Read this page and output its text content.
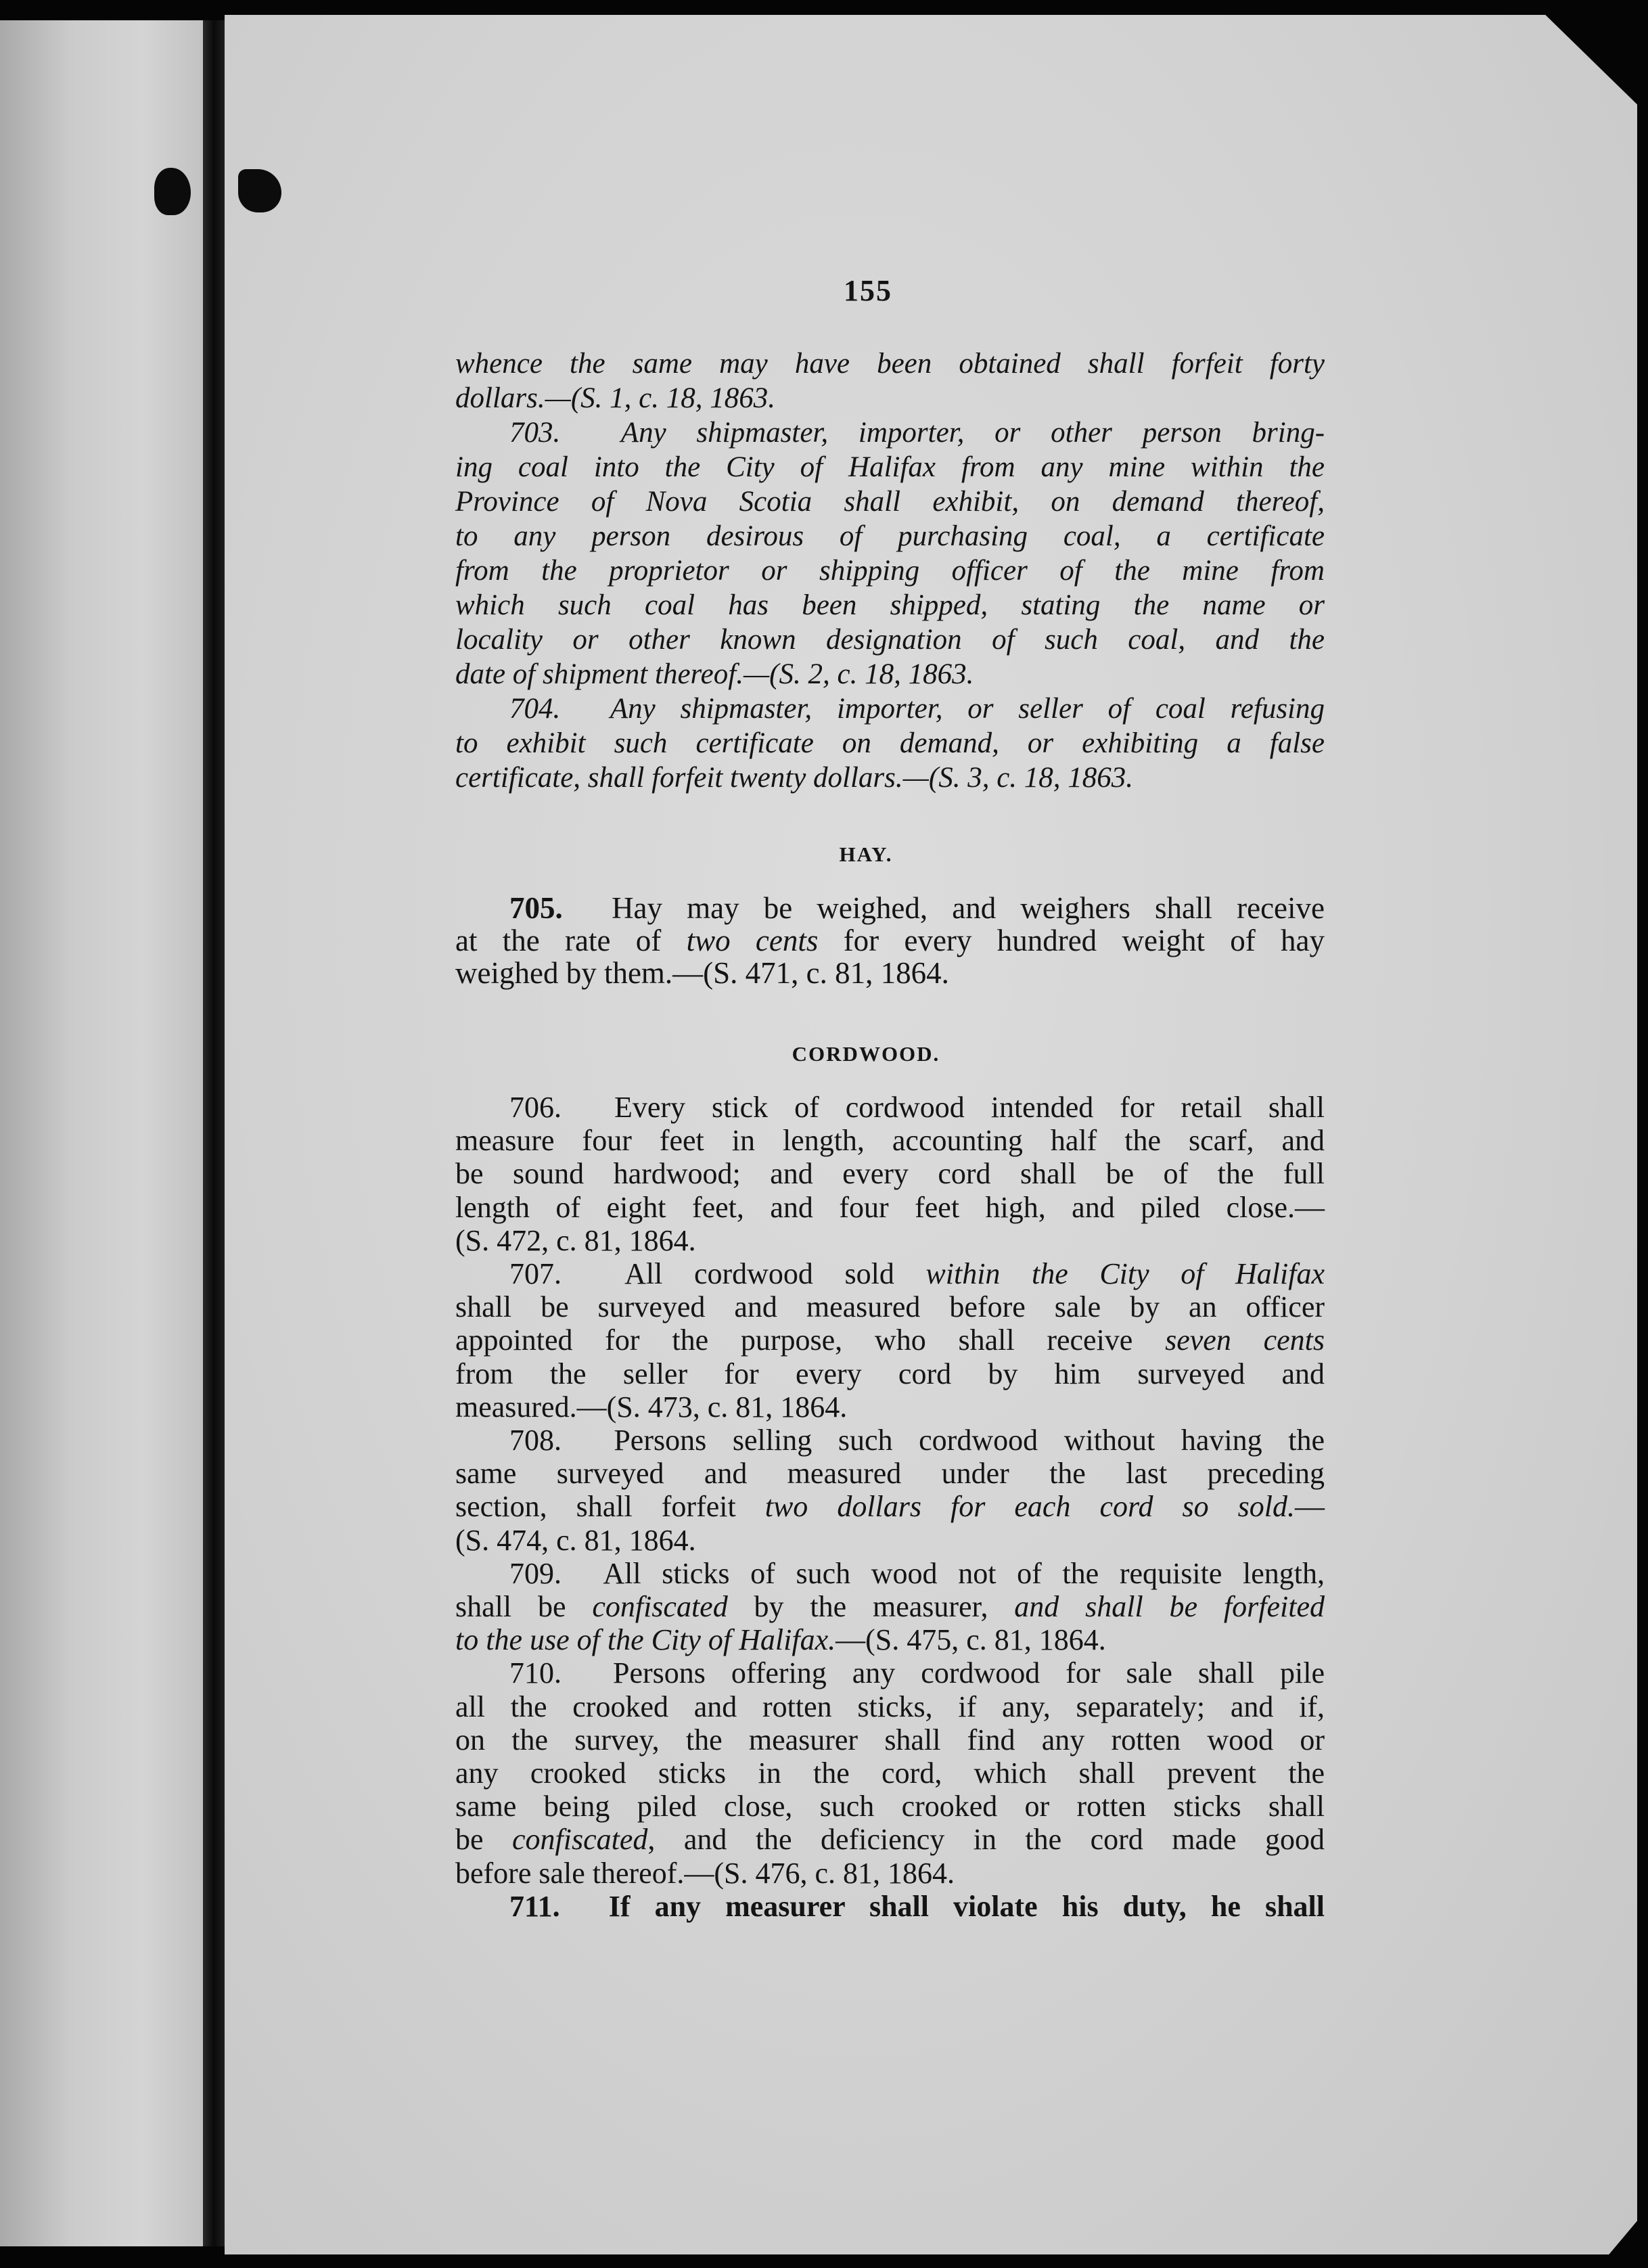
155
whence the same may have been obtained shall forfeit forty
dollars.—(S. 1, c. 18, 1863.
703. Any shipmaster, importer, or other person bring-
ing coal into the City of Halifax from any mine within the
Province of Nova Scotia shall exhibit, on demand thereof,
to any person desirous of purchasing coal, a certificate
from the proprietor or shipping officer of the mine from
which such coal has been shipped, stating the name or
locality or other known designation of such coal, and the
date of shipment thereof.—(S. 2, c. 18, 1863.
704. Any shipmaster, importer, or seller of coal refusing
to exhibit such certificate on demand, or exhibiting a false
certificate, shall forfeit twenty dollars.—(S. 3, c. 18, 1863.
HAY.
705. Hay may be weighed, and weighers shall receive
at the rate of two cents for every hundred weight of hay
weighed by them.—(S. 471, c. 81, 1864.
CORDWOOD.
706. Every stick of cordwood intended for retail shall
measure four feet in length, accounting half the scarf, and
be sound hardwood; and every cord shall be of the full
length of eight feet, and four feet high, and piled close.—
(S. 472, c. 81, 1864.
707. All cordwood sold within the City of Halifax
shall be surveyed and measured before sale by an officer
appointed for the purpose, who shall receive seven cents
from the seller for every cord by him surveyed and
measured.—(S. 473, c. 81, 1864.
708. Persons selling such cordwood without having the
same surveyed and measured under the last preceding
section, shall forfeit two dollars for each cord so sold.—
(S. 474, c. 81, 1864.
709. All sticks of such wood not of the requisite length,
shall be confiscated by the measurer, and shall be forfeited
to the use of the City of Halifax.—(S. 475, c. 81, 1864.
710. Persons offering any cordwood for sale shall pile
all the crooked and rotten sticks, if any, separately; and if,
on the survey, the measurer shall find any rotten wood or
any crooked sticks in the cord, which shall prevent the
same being piled close, such crooked or rotten sticks shall
be confiscated, and the deficiency in the cord made good
before sale thereof.—(S. 476, c. 81, 1864.
711. If any measurer shall violate his duty, he shall
